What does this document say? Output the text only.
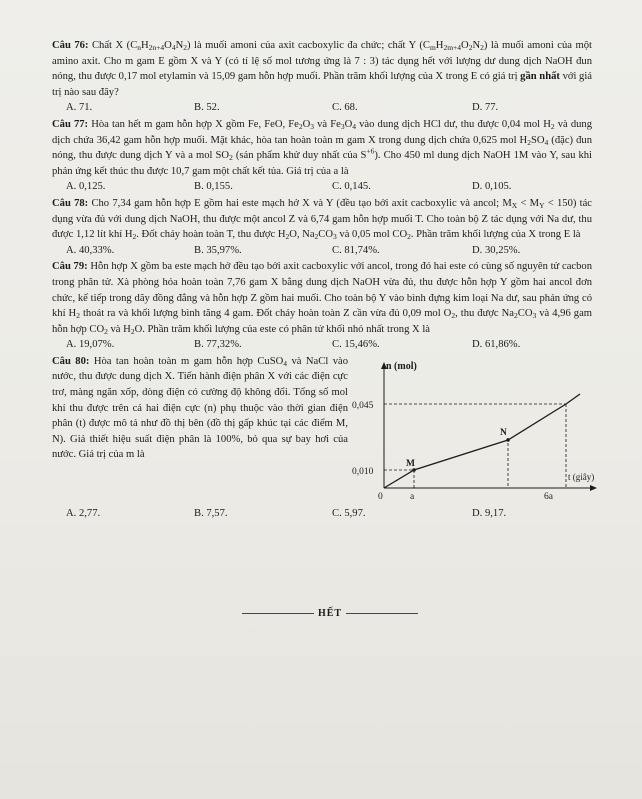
Câu 76: Chất X $(C_nH_{2n+4}O_4N_2)$ là muối amoni của axit cacboxylic đa chức; chất Y $(C_mH_{2m+4}O_2N_2)$ là muối amoni của một amino axit. Cho m gam E gồm X và Y (có tỉ lệ số mol tương ứng là 7 : 3) tác dụng hết với lượng dư dung dịch NaOH đun nóng, thu được 0,17 mol etylamin và 15,09 gam hỗn hợp muối. Phần trăm khối lượng của X trong E có giá trị gần nhất với giá trị nào sau đây?

A. 71.	B. 52.	C. 68.	D. 77.

Câu 77: Hòa tan hết m gam hỗn hợp X gồm Fe, FeO, $Fe_2O_3$ và $Fe_3O_4$ vào dung dịch HCl dư, thu được 0,04 mol $H_2$ và dung dịch chứa 36,42 gam hỗn hợp muối. Mặt khác, hòa tan hoàn toàn m gam X trong dung dịch chứa 0,625 mol $H_2SO_4$ (đặc) đun nóng, thu được dung dịch Y và a mol $SO_2$ (sản phẩm khử duy nhất của $S^{+6}$). Cho 450 ml dung dịch NaOH 1M vào Y, sau khi phản ứng kết thúc thu được 10,7 gam một chất kết tủa. Giá trị của a là

A. 0,125.	B. 0,155.	C. 0,145.	D. 0,105.

Câu 78: Cho 7,34 gam hỗn hợp E gồm hai este mạch hở X và Y (đều tạo bởi axit cacboxylic và ancol; $M_X < M_Y < 150$) tác dụng vừa đủ với dung dịch NaOH, thu được một ancol Z và 6,74 gam hỗn hợp muối T. Cho toàn bộ Z tác dụng với Na dư, thu được 1,12 lít khí $H_2$. Đốt cháy hoàn toàn T, thu được $H_2O$, $Na_2CO_3$ và 0,05 mol $CO_2$. Phần trăm khối lượng của X trong E là

A. 40,33%.	B. 35,97%.	C. 81,74%.	D. 30,25%.

Câu 79: Hỗn hợp X gồm ba este mạch hở đều tạo bởi axit cacboxylic với ancol, trong đó hai este có cùng số nguyên tử cacbon trong phân tử. Xà phòng hóa hoàn toàn 7,76 gam X bằng dung dịch NaOH vừa đủ, thu được hỗn hợp Y gồm hai ancol đơn chức, kế tiếp trong dãy đồng đẳng và hỗn hợp Z gồm hai muối. Cho toàn bộ Y vào bình đựng kim loại Na dư, sau phản ứng có khí $H_2$ thoát ra và khối lượng bình tăng 4 gam. Đốt cháy hoàn toàn Z cần vừa đủ 0,09 mol $O_2$, thu được $Na_2CO_3$ và 4,96 gam hỗn hợp $CO_2$ và $H_2O$. Phần trăm khối lượng của este có phân tử khối nhỏ nhất trong X là

A. 19,07%.	B. 77,32%.	C. 15,46%.	D. 61,86%.

Câu 80: Hòa tan hoàn toàn m gam hỗn hợp CuSO$_4$ và NaCl vào nước, thu được dung dịch X. Tiến hành điện phân X với các điện cực trơ, màng ngăn xốp, dòng điện có cường độ không đổi. Tổng số mol khí thu được trên cả hai điện cực (n) phụ thuộc vào thời gian điện phân (t) được mô tả như đồ thị bên (đồ thị gấp khúc tại các điểm M, N). Giả thiết hiệu suất điện phân là 100%, bỏ qua sự bay hơi của nước. Giá trị của m là

n (mol)
t (giây)
0,045
0,010
0	a	6a
M
N
A. 2,77.	B. 7,57.	C. 5,97.	D. 9,17.
HẾT
